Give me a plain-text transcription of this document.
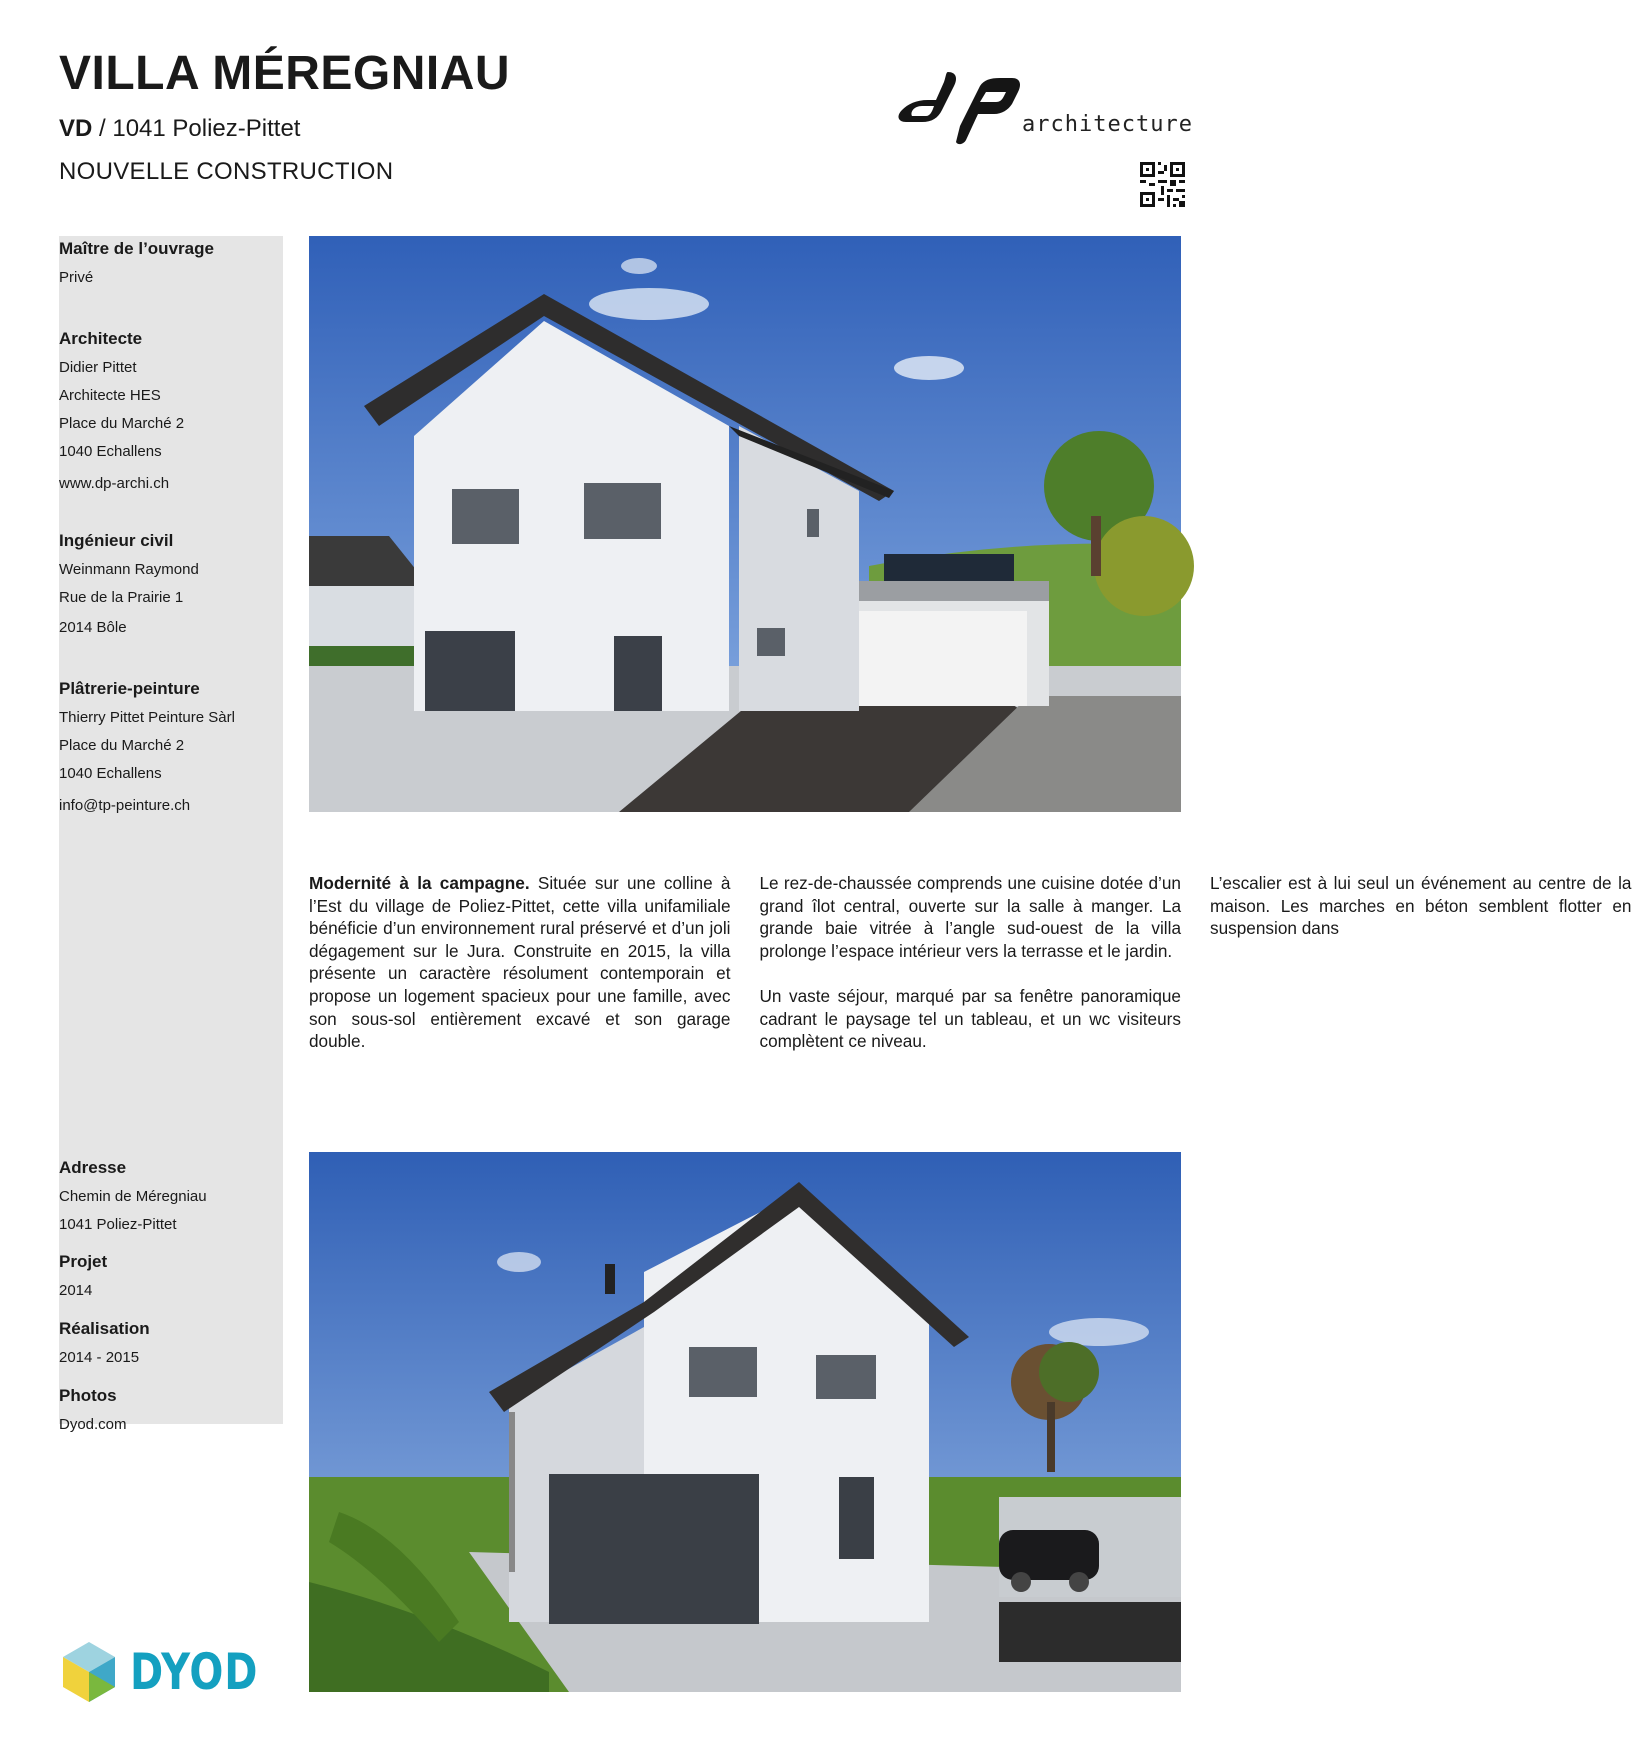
VILLA MÉREGNIAU
VD / 1041 Poliez-Pittet
NOUVELLE CONSTRUCTION
architecture
Maître de l’ouvrage
Privé
Architecte
Didier Pittet
Architecte HES
Place du Marché 2
1040 Echallens
www.dp-archi.ch
Ingénieur civil
Weinmann Raymond
Rue de la Prairie 1
2014 Bôle
Plâtrerie-peinture
Thierry Pittet Peinture Sàrl
Place du Marché 2
1040 Echallens
info@tp-peinture.ch
Adresse
Chemin de Méregniau
1041 Poliez-Pittet
Projet
2014
Réalisation
2014 - 2015
Photos
Dyod.com

Modernité à la campagne. Située sur une colline à l’Est du village de Poliez-Pittet, cette villa unifamiliale bénéficie d’un environnement rural préservé et d’un joli dégagement sur le Jura. Construite en 2015, la villa présente un caractère résolument contemporain et propose un logement spacieux pour une famille, avec son sous-sol entièrement excavé et son garage double.

Le rez-de-chaussée comprends une cuisine dotée d’un grand îlot central, ouverte sur la salle à manger. La grande baie vitrée à l’angle sud-ouest de la villa prolonge l’espace intérieur vers la terrasse et le jardin.

Un vaste séjour, marqué par sa fenêtre panoramique cadrant le paysage tel un tableau, et un wc visiteurs complètent ce niveau.

L’escalier est à lui seul un événement au centre de la maison. Les marches en béton semblent flotter en suspension dans

DYOD
